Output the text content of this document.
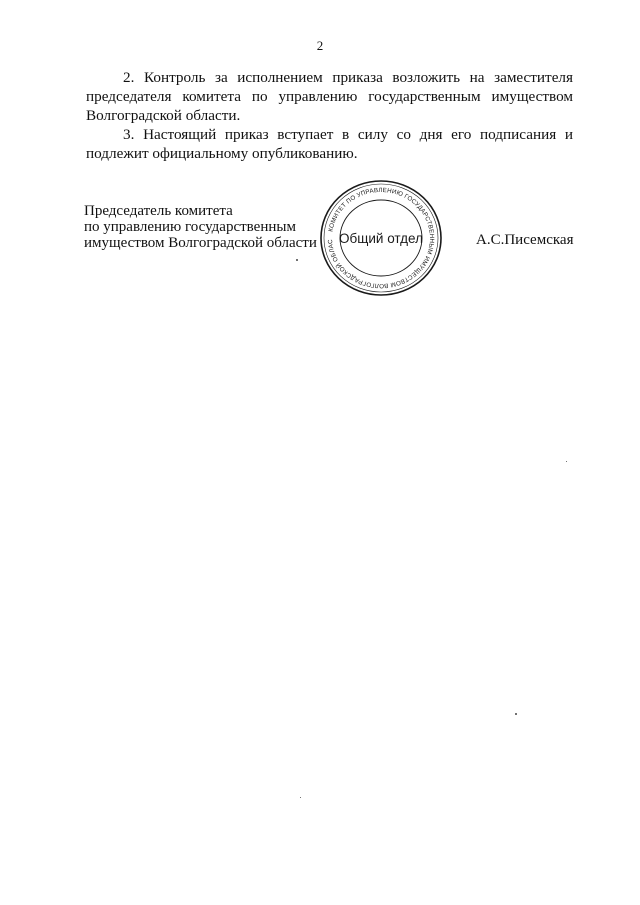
2

2. Контроль за исполнением приказа возложить на заместителя председателя комитета по управлению государственным имуществом Волгоградской области.

3. Настоящий приказ вступает в силу со дня его подписания и подлежит официальному опубликованию.

Председатель комитета
по управлению государственным
имуществом Волгоградской области
КОМИТЕТ ПО УПРАВЛЕНИЮ ГОСУДАРСТВЕННЫМ ИМУЩЕСТВОМ ВОЛГОГРАДСКОЙ ОБЛАС Общий отдел	А.С.Писемская
